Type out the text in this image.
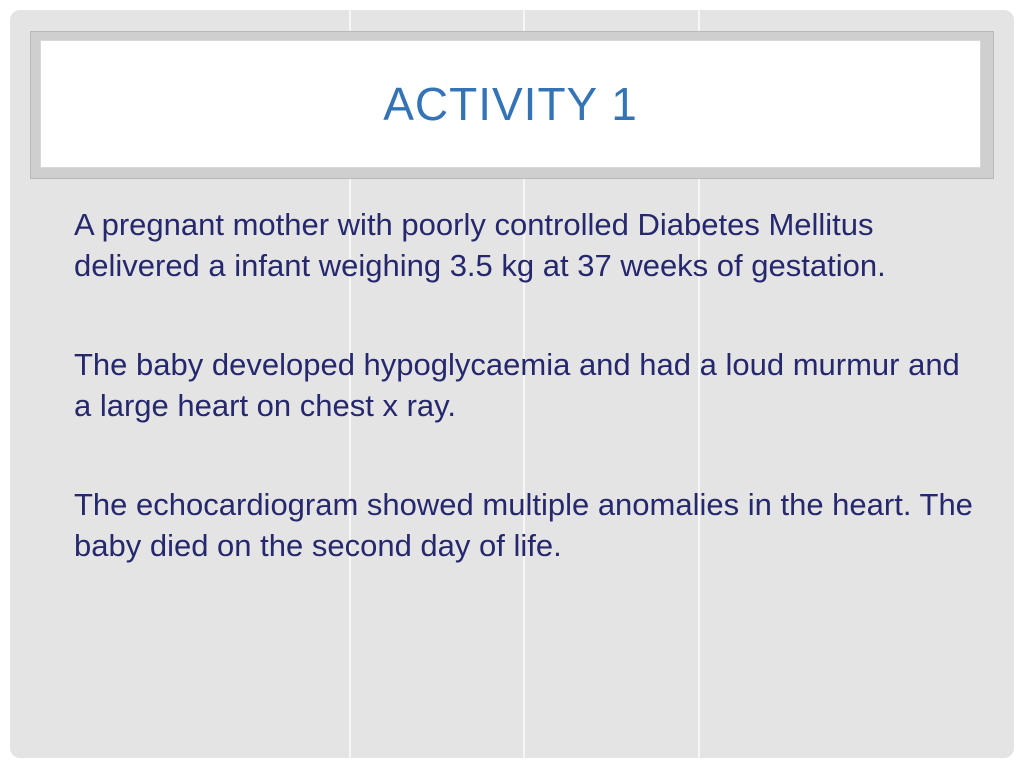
ACTIVITY 1

A pregnant mother with poorly controlled Diabetes Mellitus delivered a infant weighing 3.5 kg at 37 weeks of gestation.

The baby developed hypoglycaemia and had a loud murmur and a large heart on chest x ray.

The echocardiogram showed multiple anomalies in the heart. The baby died on the second day of life.
